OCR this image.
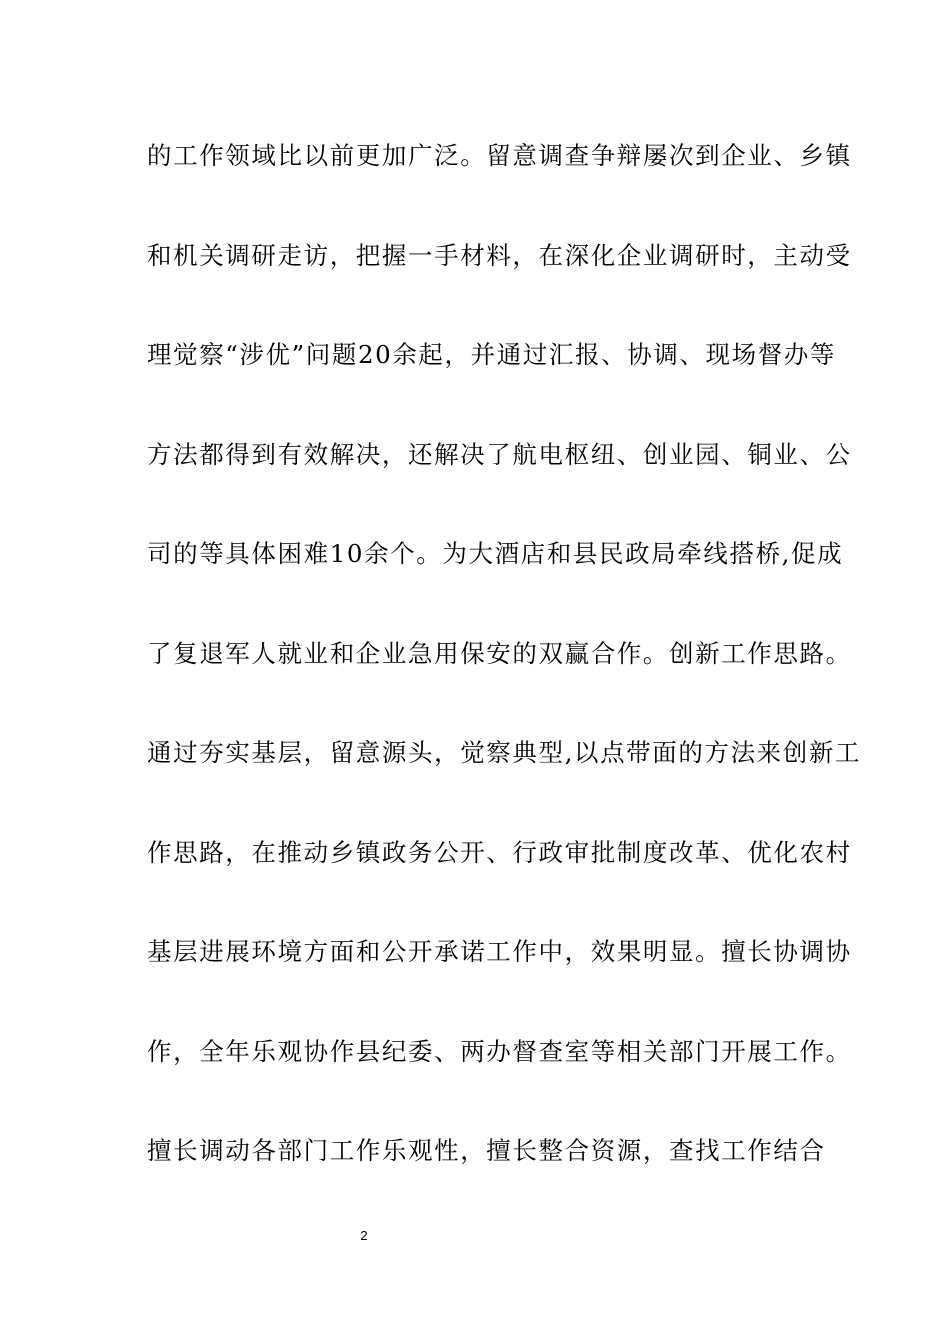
的工作领域比以前更加广泛。留意调查争辩屡次到企业、乡镇
和机关调研走访，把握一手材料，在深化企业调研时，主动受
理觉察“涉优”问题20余起，并通过汇报、协调、现场督办等
方法都得到有效解决，还解决了航电枢纽、创业园、铜业、公
司的等具体困难10余个。为大酒店和县民政局牵线搭桥,促成
了复退军人就业和企业急用保安的双赢合作。创新工作思路。
通过夯实基层，留意源头，觉察典型,以点带面的方法来创新工
作思路，在推动乡镇政务公开、行政审批制度改革、优化农村
基层进展环境方面和公开承诺工作中，效果明显。擅长协调协
作，全年乐观协作县纪委、两办督查室等相关部门开展工作。
擅长调动各部门工作乐观性，擅长整合资源，查找工作结合
2
